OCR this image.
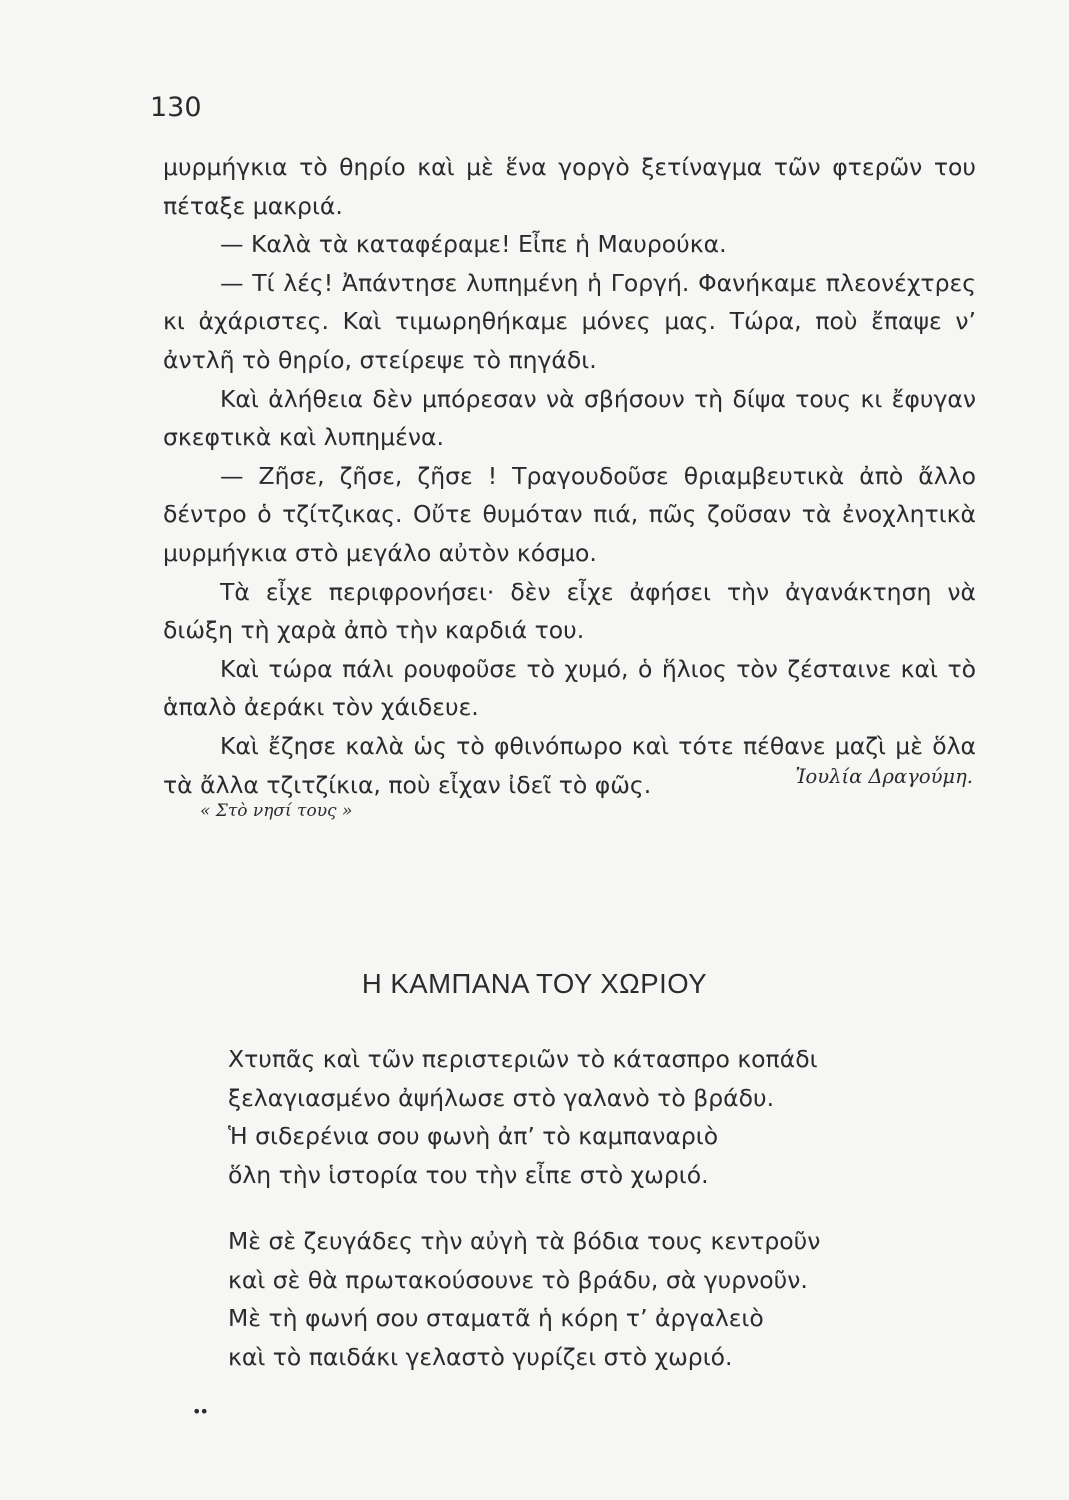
130

μυρμήγκια τὸ θηρίο καὶ μὲ ἕνα γοργὸ ξετίναγμα τῶν φτερῶν του πέταξε μακριά.

— Καλὰ τὰ καταφέραμε! Εἶπε ἡ Μαυρούκα.

— Τί λές! Ἀπάντησε λυπημένη ἡ Γοργή. Φανήκαμε πλεονέχτρες κι ἀχάριστες. Καὶ τιμωρηθήκαμε μόνες μας. Τώρα, ποὺ ἔπαψε ν’ ἀντλῆ τὸ θηρίο, στείρεψε τὸ πηγάδι.

Καὶ ἀλήθεια δὲν μπόρεσαν νὰ σβήσουν τὴ δίψα τους κι ἔφυγαν σκεφτικὰ καὶ λυπημένα.

— Ζῆσε, ζῆσε, ζῆσε ! Τραγουδοῦσε θριαμβευτικὰ ἀπὸ ἄλλο δέντρο ὁ τζίτζικας. Οὔτε θυμόταν πιά, πῶς ζοῦσαν τὰ ἐνοχλητικὰ μυρμήγκια στὸ μεγάλο αὐτὸν κόσμο.

Τὰ εἶχε περιφρονήσει· δὲν εἶχε ἀφήσει τὴν ἀγανάκτηση νὰ διώξη τὴ χαρὰ ἀπὸ τὴν καρδιά του.

Καὶ τώρα πάλι ρουφοῦσε τὸ χυμό, ὁ ἥλιος τὸν ζέσταινε καὶ τὸ ἁπαλὸ ἀεράκι τὸν χάιδευε.

Καὶ ἔζησε καλὰ ὡς τὸ φθινόπωρο καὶ τότε πέθανε μαζὶ μὲ ὅλα τὰ ἄλλα τζιτζίκια, ποὺ εἶχαν ἰδεῖ τὸ φῶς.	Ἰουλία Δραγούμη.
« Στὸ νησί τους »
Η ΚΑΜΠΑΝΑ ΤΟΥ ΧΩΡΙΟΥ
Χτυπᾶς καὶ τῶν περιστεριῶν τὸ κάτασπρο κοπάδι
ξελαγιασμένο ἀψήλωσε στὸ γαλανὸ τὸ βράδυ.
Ἡ σιδερένια σου φωνὴ ἀπ’ τὸ καμπαναριὸ
ὅλη τὴν ἱστορία του τὴν εἶπε στὸ χωριό.
Μὲ σὲ ζευγάδες τὴν αὐγὴ τὰ βόδια τους κεντροῦν
καὶ σὲ θὰ πρωτακούσουνε τὸ βράδυ, σὰ γυρνοῦν.
Μὲ τὴ φωνή σου σταματᾶ ἡ κόρη τ’ ἀργαλειὸ
καὶ τὸ παιδάκι γελαστὸ γυρίζει στὸ χωριό.
••
